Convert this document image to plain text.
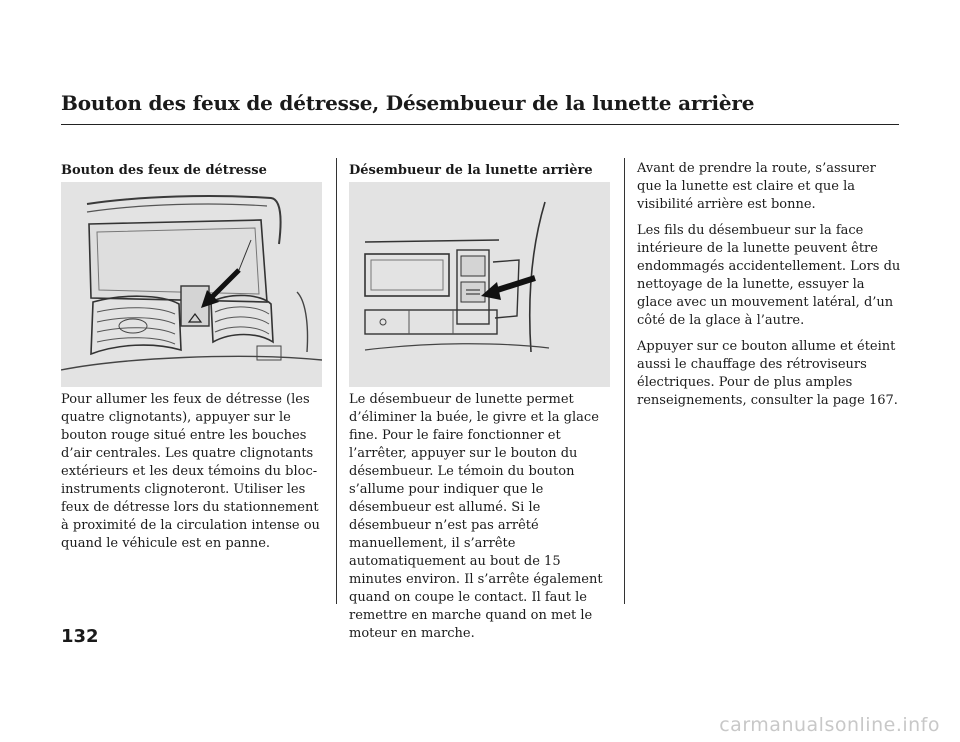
Bouton des feux de détresse, Désembueur de la lunette arrière
Bouton des feux de détresse

Pour allumer les feux de détresse (les quatre clignotants), appuyer sur le bouton rouge situé entre les bouches d’air centrales. Les quatre clignotants extérieurs et les deux témoins du bloc-instruments clignoteront. Utiliser les feux de détresse lors du stationnement à proximité de la circulation intense ou quand le véhicule est en panne.

Désembueur de la lunette arrière

Le désembueur de lunette permet d’éliminer la buée, le givre et la glace fine. Pour le faire fonctionner et l’arrêter, appuyer sur le bouton du désembueur. Le témoin du bouton s’allume pour indiquer que le désembueur est allumé. Si le désembueur n’est pas arrêté manuellement, il s’arrête automatiquement au bout de 15 minutes environ. Il s’arrête également quand on coupe le contact. Il faut le remettre en marche quand on met le moteur en marche.

Avant de prendre la route, s’assurer que la lunette est claire et que la visibilité arrière est bonne.

Les fils du désembueur sur la face intérieure de la lunette peuvent être endommagés accidentellement. Lors du nettoyage de la lunette, essuyer la glace avec un mouvement latéral, d’un côté de la glace à l’autre.

Appuyer sur ce bouton allume et éteint aussi le chauffage des rétroviseurs électriques. Pour de plus amples renseignements, consulter la page 167.

132
carmanualsonline.info
